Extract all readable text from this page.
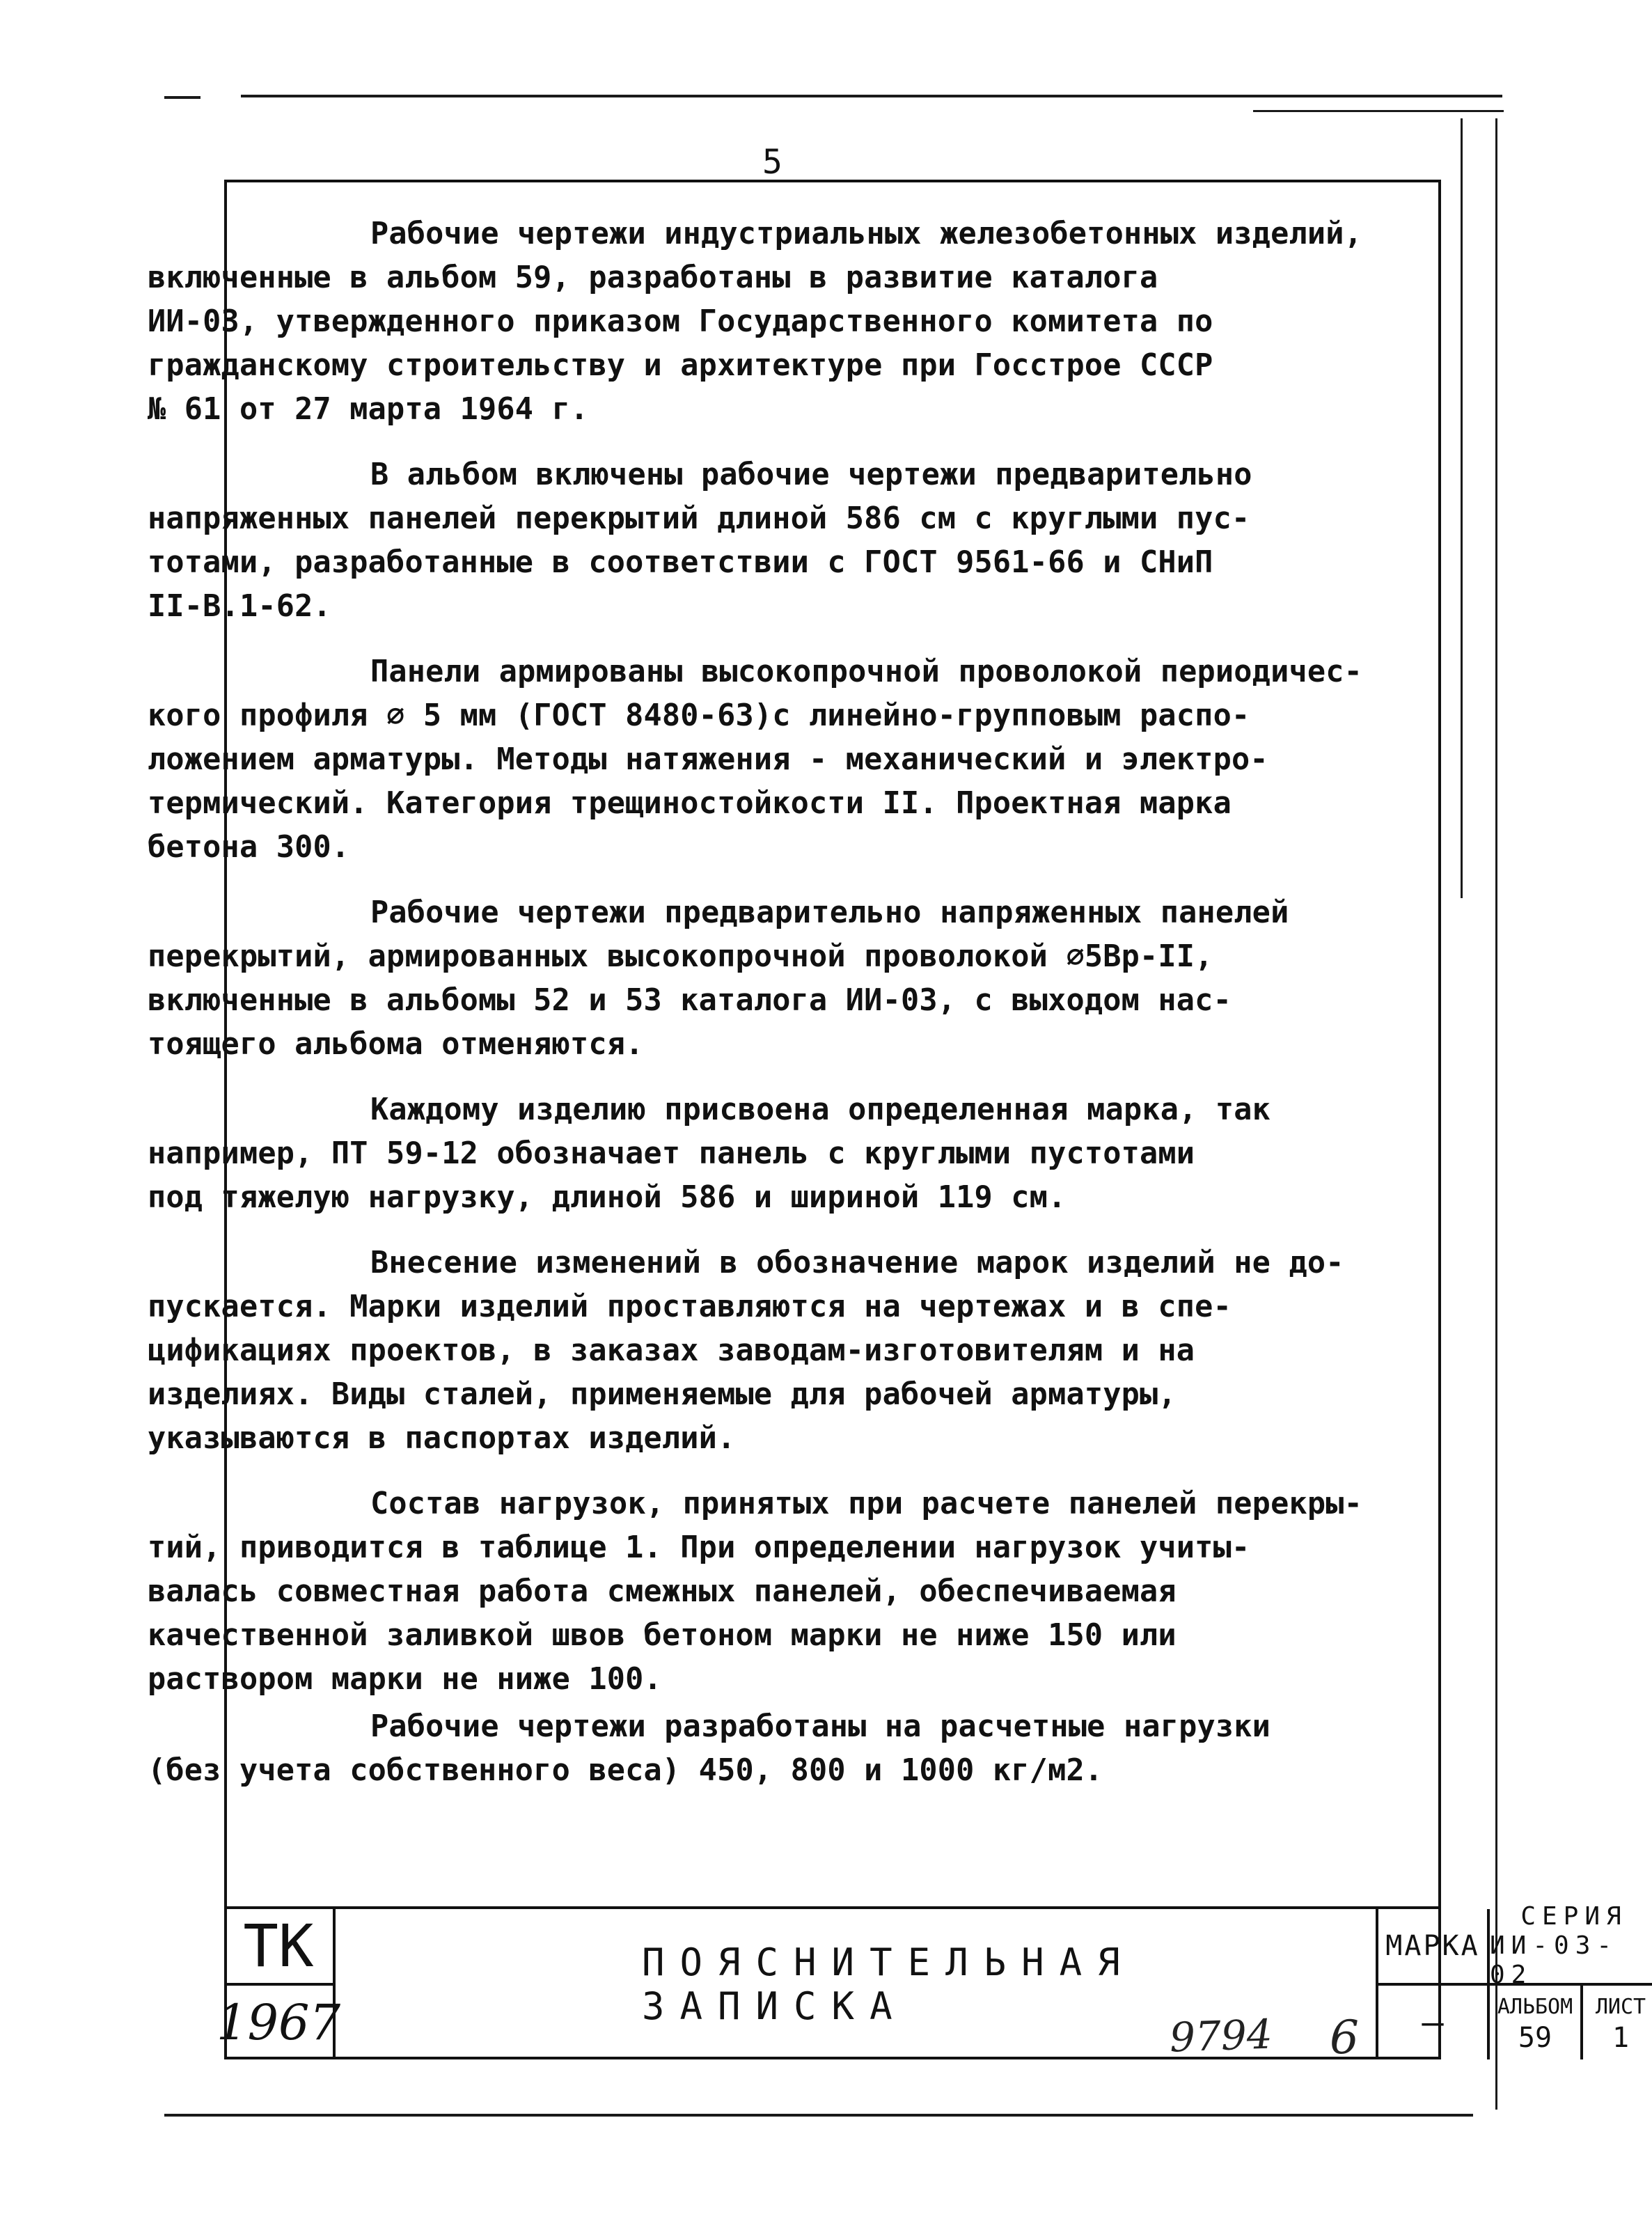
5

Рабочие чертежи индустриальных железобетонных изделий,
включенные в альбом 59, разработаны в развитие каталога
ИИ-03, утвержденного приказом Государственного комитета по
гражданскому строительству и архитектуре при Госстрое СССР
№ 61 от 27 марта 1964 г.

В альбом включены рабочие чертежи предварительно
напряженных панелей перекрытий длиной 586 см с круглыми пус-
тотами, разработанные в соответствии с ГОСТ 9561-66 и СНиП
II-В.1-62.

Панели армированы высокопрочной проволокой периодичес-
кого профиля ∅ 5 мм (ГОСТ 8480-63)с линейно-групповым распо-
ложением арматуры. Методы натяжения - механический и электро-
термический. Категория трещиностойкости II. Проектная марка
бетона 300.

Рабочие чертежи предварительно напряженных панелей
перекрытий, армированных высокопрочной проволокой ∅5Вр-II,
включенные в альбомы 52 и 53 каталога ИИ-03, с выходом нас-
тоящего альбома отменяются.

Каждому изделию присвоена определенная марка, так
например, ПТ 59-12 обозначает панель с круглыми пустотами
под тяжелую нагрузку, длиной 586 и шириной 119 см.

Внесение изменений в обозначение марок изделий не до-
пускается. Марки изделий проставляются на чертежах и в спе-
цификациях проектов, в заказах заводам-изготовителям и на
изделиях. Виды сталей, применяемые для рабочей арматуры,
указываются в паспортах изделий.

Состав нагрузок, принятых при расчете панелей перекры-
тий, приводится в таблице 1. При определении нагрузок учиты-
валась совместная работа смежных панелей, обеспечиваемая
качественной заливкой швов бетоном марки не ниже 150 или
раствором марки не ниже 100.

Рабочие чертежи разработаны на расчетные нагрузки
(без учета собственного веса) 450, 800 и 1000 кг/м2.

ТК
1967
ПОЯСНИТЕЛЬНАЯ ЗАПИСКА
МАРКА
—
СЕРИЯ
ИИ-03-02
АЛЬБОМ
59
ЛИСТ
1
9794 6
